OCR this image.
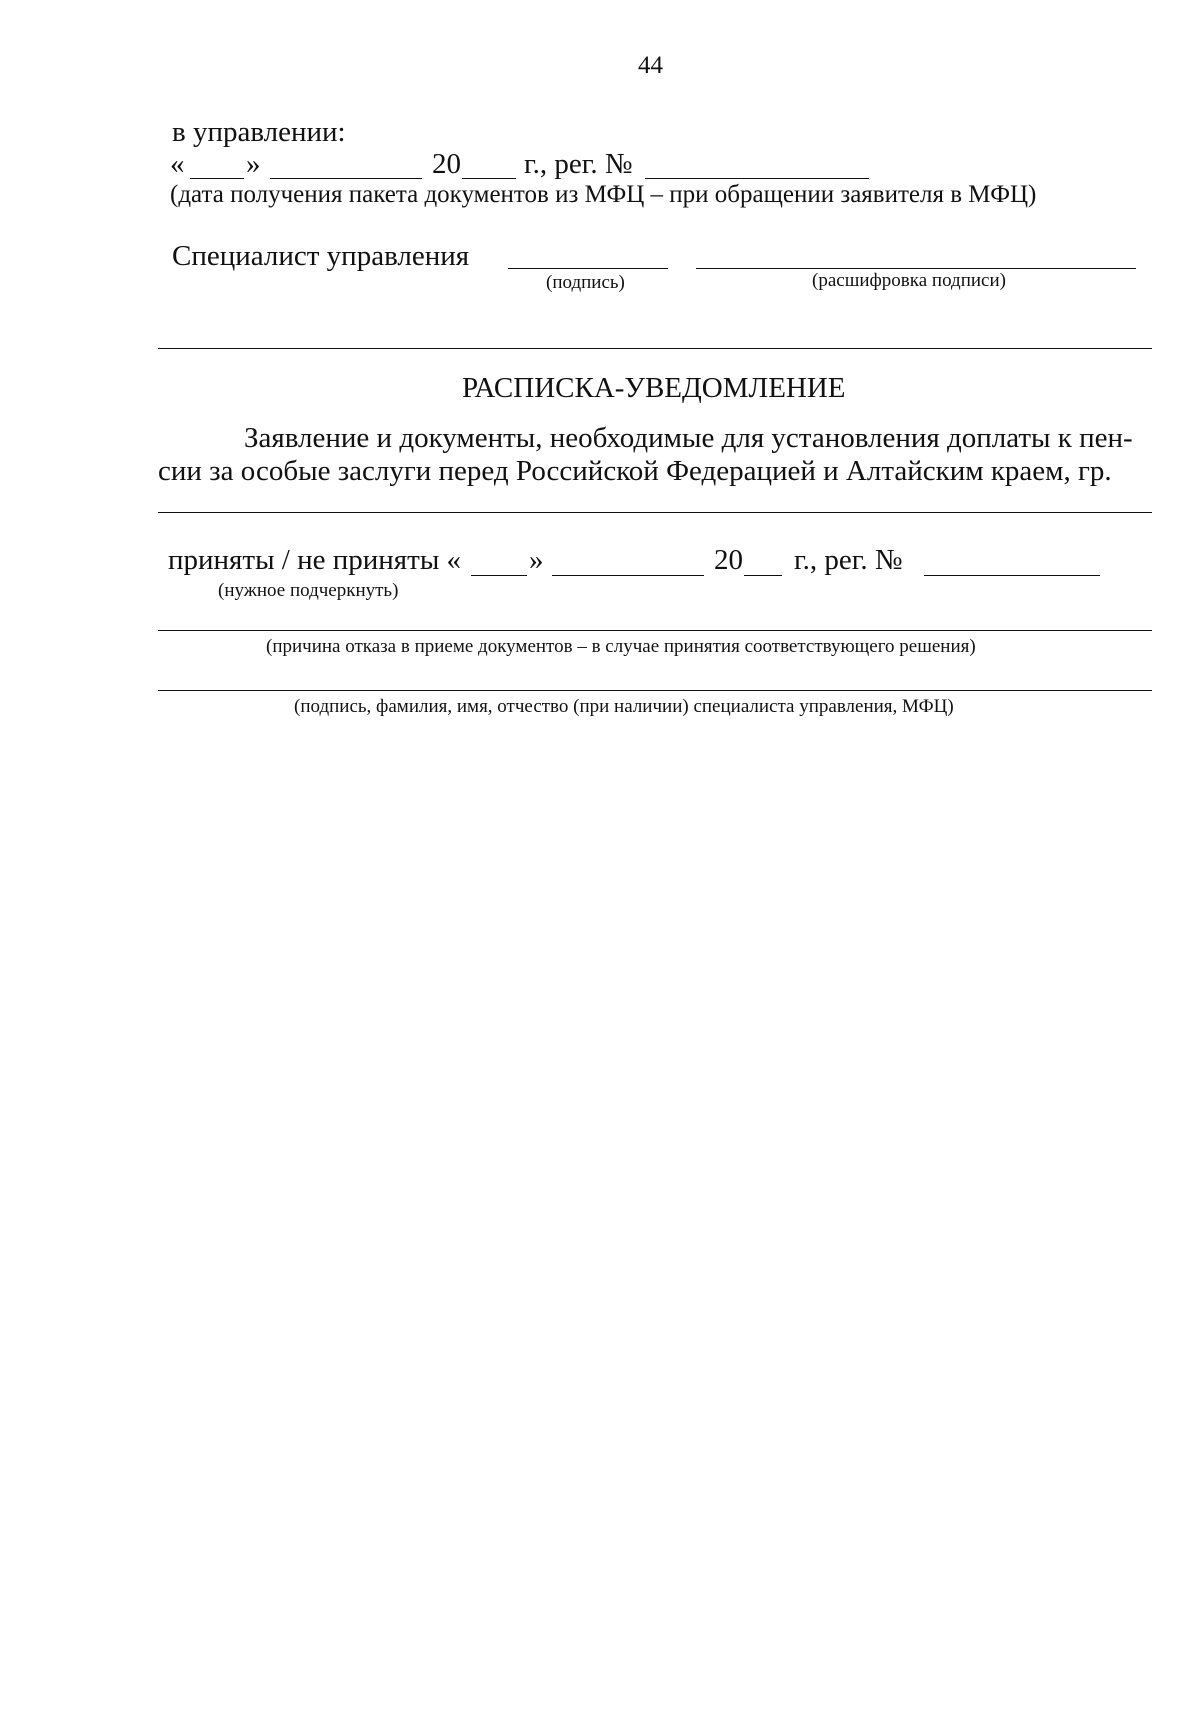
44
в управлении:
« »	20 г., рег. №
(дата получения пакета документов из МФЦ – при обращении заявителя в МФЦ)
Специалист управления
(подпись)	(расшифровка подписи)
РАСПИСКА-УВЕДОМЛЕНИЕ
Заявление и документы, необходимые для установления доплаты к пен-
сии за особые заслуги перед Российской Федерацией и Алтайским краем, гр.
приняты / не приняты « »	20 г., рег. №
(нужное подчеркнуть)
(причина отказа в приеме документов – в случае принятия соответствующего решения)
(подпись, фамилия, имя, отчество (при наличии) специалиста управления, МФЦ)
